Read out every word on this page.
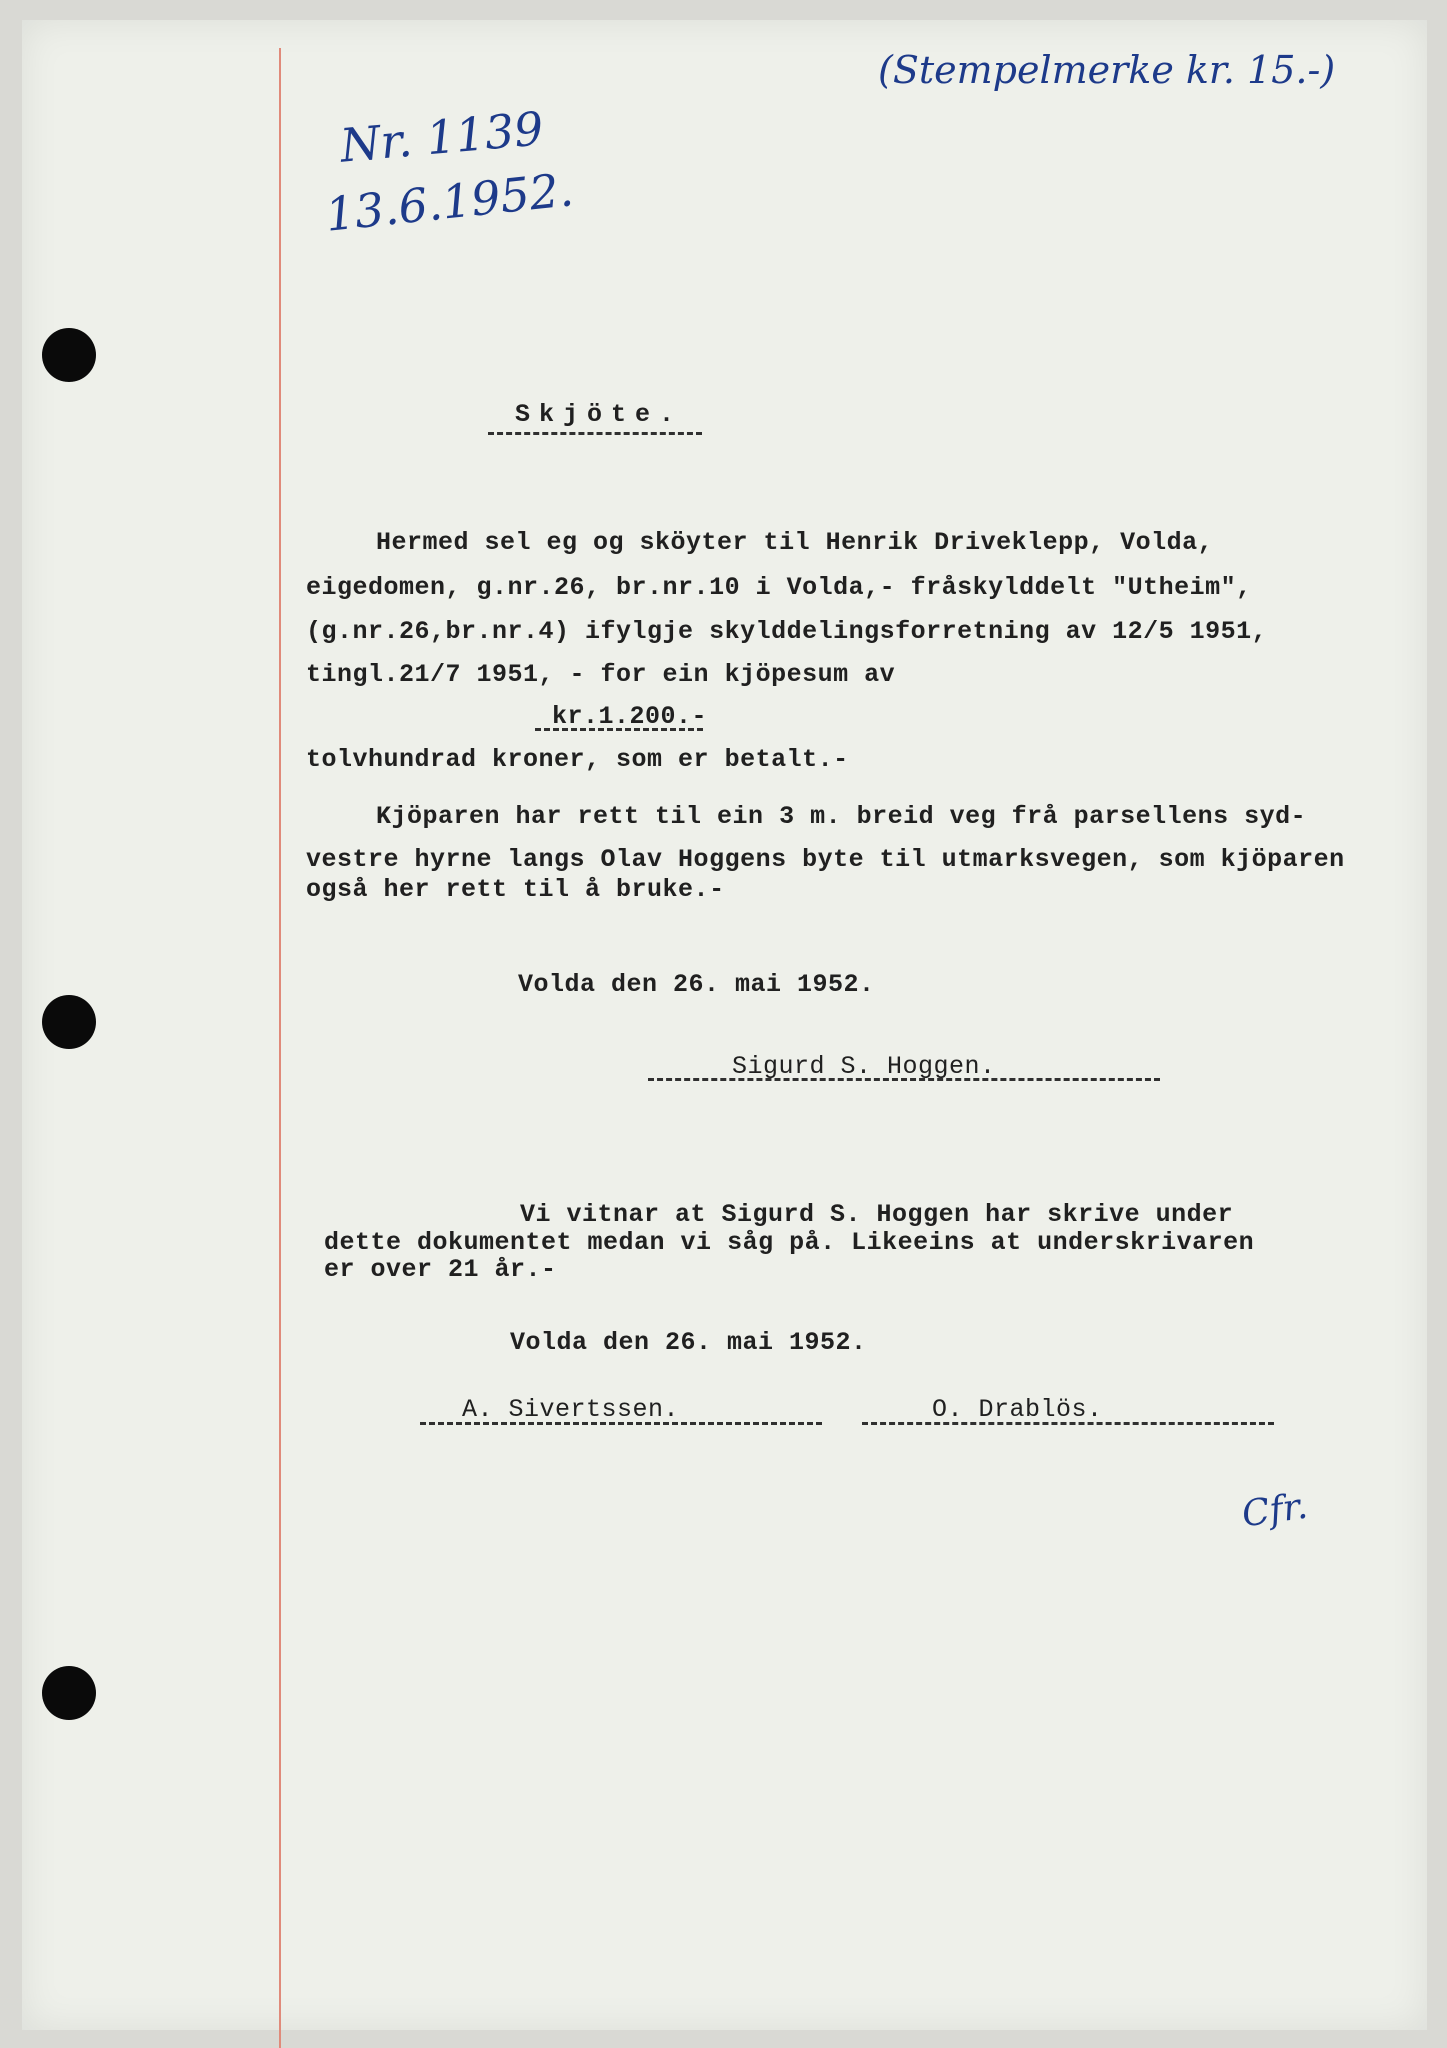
(Stempelmerke kr. 15.-)
Nr. 1139
13.6.1952.
Cfr.
Skjöte.
Hermed sel eg og sköyter til Henrik Driveklepp, Volda,
eigedomen, g.nr.26, br.nr.10 i Volda,- fråskylddelt "Utheim",
(g.nr.26,br.nr.4) ifylgje skylddelingsforretning av 12/5 1951,
tingl.21/7 1951, - for ein kjöpesum av
kr.1.200.-
tolvhundrad kroner, som er betalt.-
Kjöparen har rett til ein 3 m. breid veg frå parsellens syd-
vestre hyrne langs Olav Hoggens byte til utmarksvegen, som kjöparen
også her rett til å bruke.-
Volda den 26. mai 1952.
Sigurd S. Hoggen.
Vi vitnar at Sigurd S. Hoggen har skrive under
dette dokumentet medan vi såg på. Likeeins at underskrivaren
er over 21 år.-
Volda den 26. mai 1952.
A. Sivertssen.	O. Drablös.
